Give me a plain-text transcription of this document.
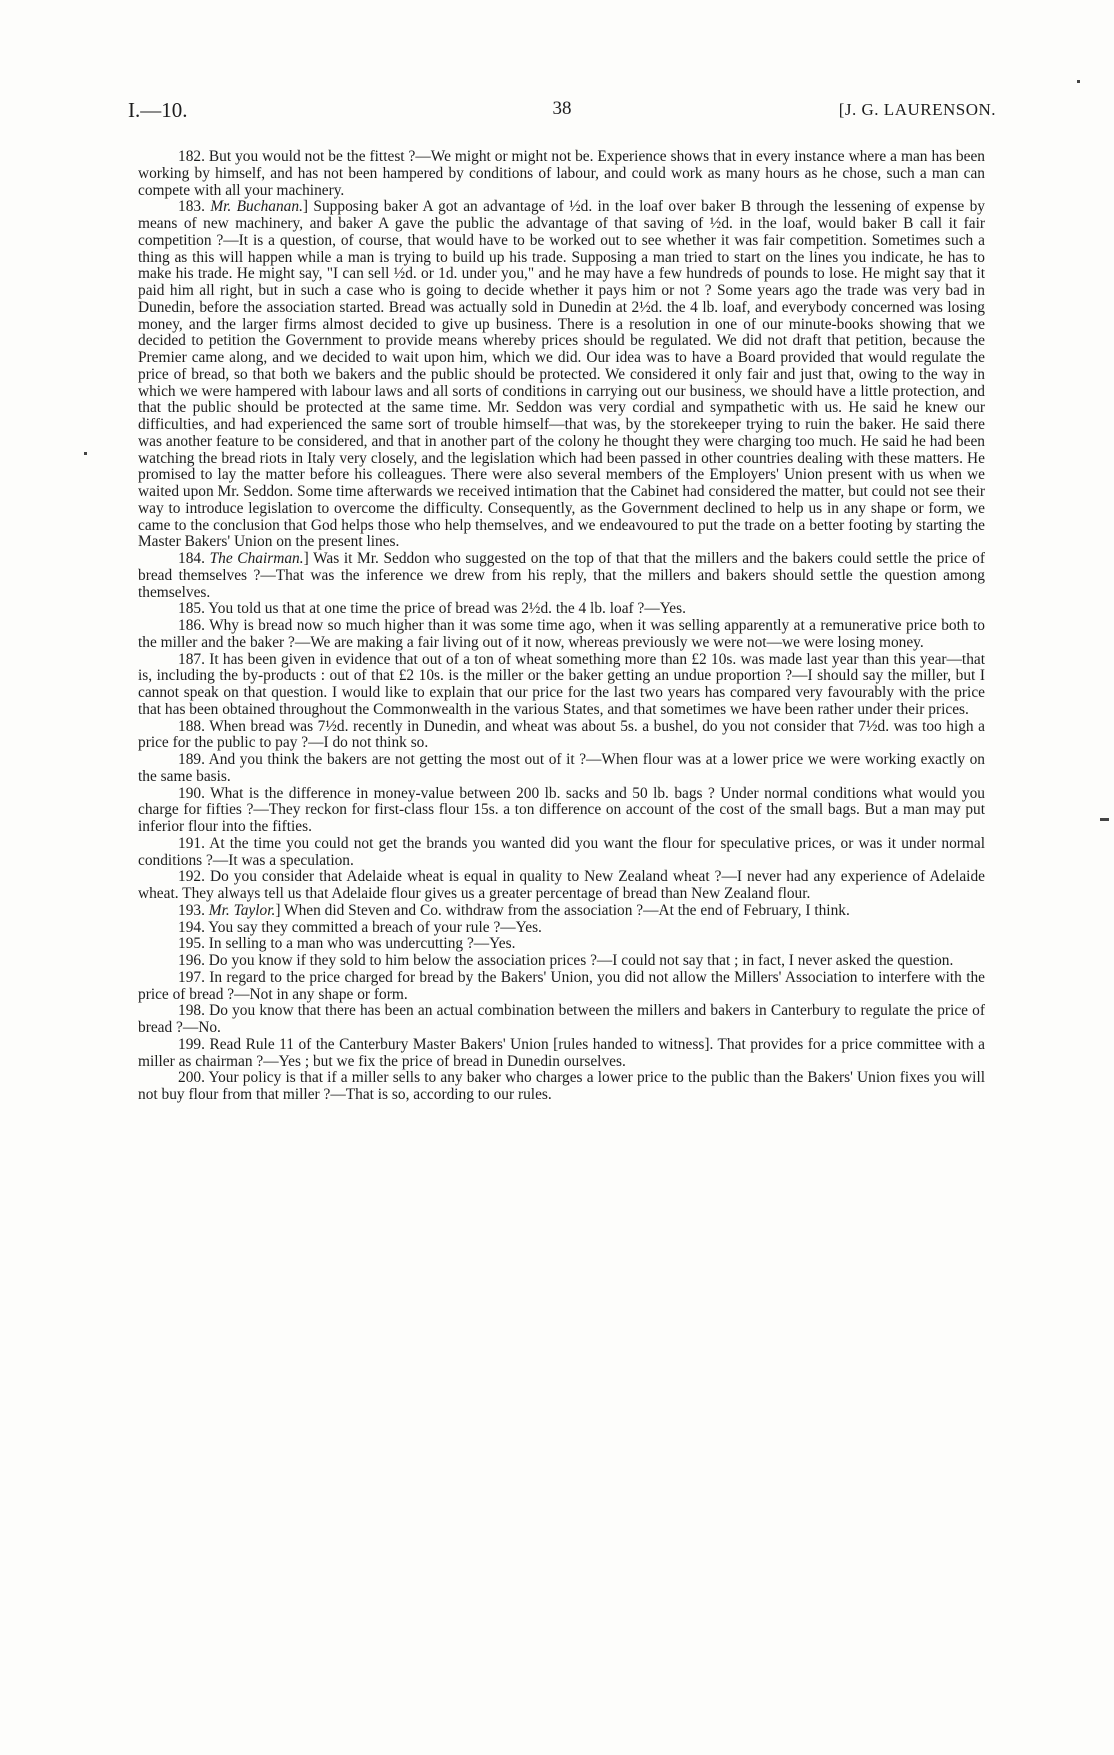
I.—10.	38	[J. G. LAURENSON.

182. But you would not be the fittest ?—We might or might not be. Experience shows that in every instance where a man has been working by himself, and has not been hampered by conditions of labour, and could work as many hours as he chose, such a man can compete with all your machinery.

183. Mr. Buchanan.] Supposing baker A got an advantage of ½d. in the loaf over baker B through the lessening of expense by means of new machinery, and baker A gave the public the advantage of that saving of ½d. in the loaf, would baker B call it fair competition ?—It is a question, of course, that would have to be worked out to see whether it was fair competition. Sometimes such a thing as this will happen while a man is trying to build up his trade. Supposing a man tried to start on the lines you indicate, he has to make his trade. He might say, "I can sell ½d. or 1d. under you," and he may have a few hundreds of pounds to lose. He might say that it paid him all right, but in such a case who is going to decide whether it pays him or not ? Some years ago the trade was very bad in Dunedin, before the association started. Bread was actually sold in Dunedin at 2½d. the 4 lb. loaf, and everybody concerned was losing money, and the larger firms almost decided to give up business. There is a resolution in one of our minute-books showing that we decided to petition the Government to provide means whereby prices should be regulated. We did not draft that petition, because the Premier came along, and we decided to wait upon him, which we did. Our idea was to have a Board provided that would regulate the price of bread, so that both we bakers and the public should be protected. We considered it only fair and just that, owing to the way in which we were hampered with labour laws and all sorts of conditions in carrying out our business, we should have a little protection, and that the public should be protected at the same time. Mr. Seddon was very cordial and sympathetic with us. He said he knew our difficulties, and had experienced the same sort of trouble himself—that was, by the storekeeper trying to ruin the baker. He said there was another feature to be considered, and that in another part of the colony he thought they were charging too much. He said he had been watching the bread riots in Italy very closely, and the legislation which had been passed in other countries dealing with these matters. He promised to lay the matter before his colleagues. There were also several members of the Employers' Union present with us when we waited upon Mr. Seddon. Some time afterwards we received intimation that the Cabinet had considered the matter, but could not see their way to introduce legislation to overcome the difficulty. Consequently, as the Government declined to help us in any shape or form, we came to the conclusion that God helps those who help themselves, and we endeavoured to put the trade on a better footing by starting the Master Bakers' Union on the present lines.

184. The Chairman.] Was it Mr. Seddon who suggested on the top of that that the millers and the bakers could settle the price of bread themselves ?—That was the inference we drew from his reply, that the millers and bakers should settle the question among themselves.

185. You told us that at one time the price of bread was 2½d. the 4 lb. loaf ?—Yes.

186. Why is bread now so much higher than it was some time ago, when it was selling apparently at a remunerative price both to the miller and the baker ?—We are making a fair living out of it now, whereas previously we were not—we were losing money.

187. It has been given in evidence that out of a ton of wheat something more than £2 10s. was made last year than this year—that is, including the by-products : out of that £2 10s. is the miller or the baker getting an undue proportion ?—I should say the miller, but I cannot speak on that question. I would like to explain that our price for the last two years has compared very favourably with the price that has been obtained throughout the Commonwealth in the various States, and that sometimes we have been rather under their prices.

188. When bread was 7½d. recently in Dunedin, and wheat was about 5s. a bushel, do you not consider that 7½d. was too high a price for the public to pay ?—I do not think so.

189. And you think the bakers are not getting the most out of it ?—When flour was at a lower price we were working exactly on the same basis.

190. What is the difference in money-value between 200 lb. sacks and 50 lb. bags ? Under normal conditions what would you charge for fifties ?—They reckon for first-class flour 15s. a ton difference on account of the cost of the small bags. But a man may put inferior flour into the fifties.

191. At the time you could not get the brands you wanted did you want the flour for speculative prices, or was it under normal conditions ?—It was a speculation.

192. Do you consider that Adelaide wheat is equal in quality to New Zealand wheat ?—I never had any experience of Adelaide wheat. They always tell us that Adelaide flour gives us a greater percentage of bread than New Zealand flour.

193. Mr. Taylor.] When did Steven and Co. withdraw from the association ?—At the end of February, I think.

194. You say they committed a breach of your rule ?—Yes.

195. In selling to a man who was undercutting ?—Yes.

196. Do you know if they sold to him below the association prices ?—I could not say that ; in fact, I never asked the question.

197. In regard to the price charged for bread by the Bakers' Union, you did not allow the Millers' Association to interfere with the price of bread ?—Not in any shape or form.

198. Do you know that there has been an actual combination between the millers and bakers in Canterbury to regulate the price of bread ?—No.

199. Read Rule 11 of the Canterbury Master Bakers' Union [rules handed to witness]. That provides for a price committee with a miller as chairman ?—Yes ; but we fix the price of bread in Dunedin ourselves.

200. Your policy is that if a miller sells to any baker who charges a lower price to the public than the Bakers' Union fixes you will not buy flour from that miller ?—That is so, according to our rules.
